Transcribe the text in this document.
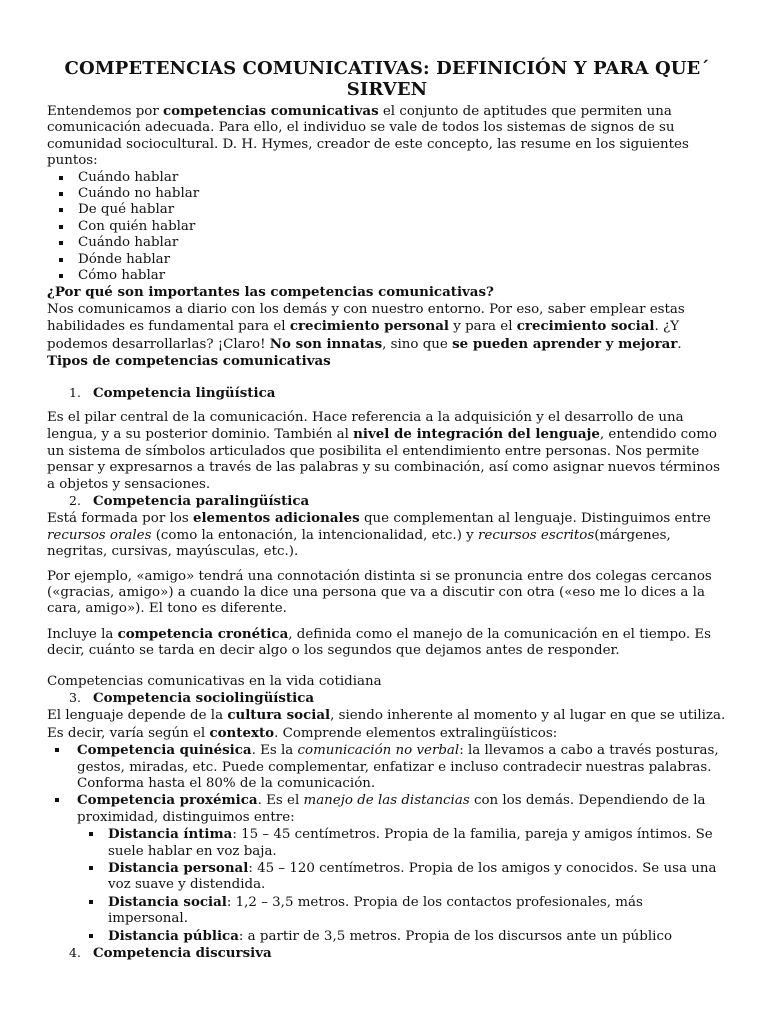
COMPETENCIAS COMUNICATIVAS: DEFINICIÓN Y PARA QUE´ SIRVEN

Entendemos por competencias comunicativas el conjunto de aptitudes que permiten una comunicación adecuada. Para ello, el individuo se vale de todos los sistemas de signos de su comunidad sociocultural. D. H. Hymes, creador de este concepto, las resume en los siguientes puntos:

Cuándo hablar
Cuándo no hablar
De qué hablar
Con quién hablar
Cuándo hablar
Dónde hablar
Cómo hablar

¿Por qué son importantes las competencias comunicativas?

Nos comunicamos a diario con los demás y con nuestro entorno. Por eso, saber emplear estas habilidades es fundamental para el crecimiento personal y para el crecimiento social. ¿Y podemos desarrollarlas? ¡Claro! No son innatas, sino que se pueden aprender y mejorar.

Tipos de competencias comunicativas

1. Competencia lingüística

Es el pilar central de la comunicación. Hace referencia a la adquisición y el desarrollo de una lengua, y a su posterior dominio. También al nivel de integración del lenguaje, entendido como un sistema de símbolos articulados que posibilita el entendimiento entre personas. Nos permite pensar y expresarnos a través de las palabras y su combinación, así como asignar nuevos términos a objetos y sensaciones.

2. Competencia paralingüística

Está formada por los elementos adicionales que complementan al lenguaje. Distinguimos entre recursos orales (como la entonación, la intencionalidad, etc.) y recursos escritos(márgenes, negritas, cursivas, mayúsculas, etc.).

Por ejemplo, «amigo» tendrá una connotación distinta si se pronuncia entre dos colegas cercanos («gracias, amigo») a cuando la dice una persona que va a discutir con otra («eso me lo dices a la cara, amigo»). El tono es diferente.

Incluye la competencia cronética, definida como el manejo de la comunicación en el tiempo. Es decir, cuánto se tarda en decir algo o los segundos que dejamos antes de responder.

Competencias comunicativas en la vida cotidiana

3. Competencia sociolingüística

El lenguaje depende de la cultura social, siendo inherente al momento y al lugar en que se utiliza. Es decir, varía según el contexto. Comprende elementos extralingüísticos:

Competencia quinésica. Es la comunicación no verbal: la llevamos a cabo a través posturas, gestos, miradas, etc. Puede complementar, enfatizar e incluso contradecir nuestras palabras. Conforma hasta el 80% de la comunicación.
Competencia proxémica. Es el manejo de las distancias con los demás. Dependiendo de la proximidad, distinguimos entre:
Distancia íntima: 15 – 45 centímetros. Propia de la familia, pareja y amigos íntimos. Se suele hablar en voz baja.
Distancia personal: 45 – 120 centímetros. Propia de los amigos y conocidos. Se usa una voz suave y distendida.
Distancia social: 1,2 – 3,5 metros. Propia de los contactos profesionales, más impersonal.
Distancia pública: a partir de 3,5 metros. Propia de los discursos ante un público

4. Competencia discursiva
